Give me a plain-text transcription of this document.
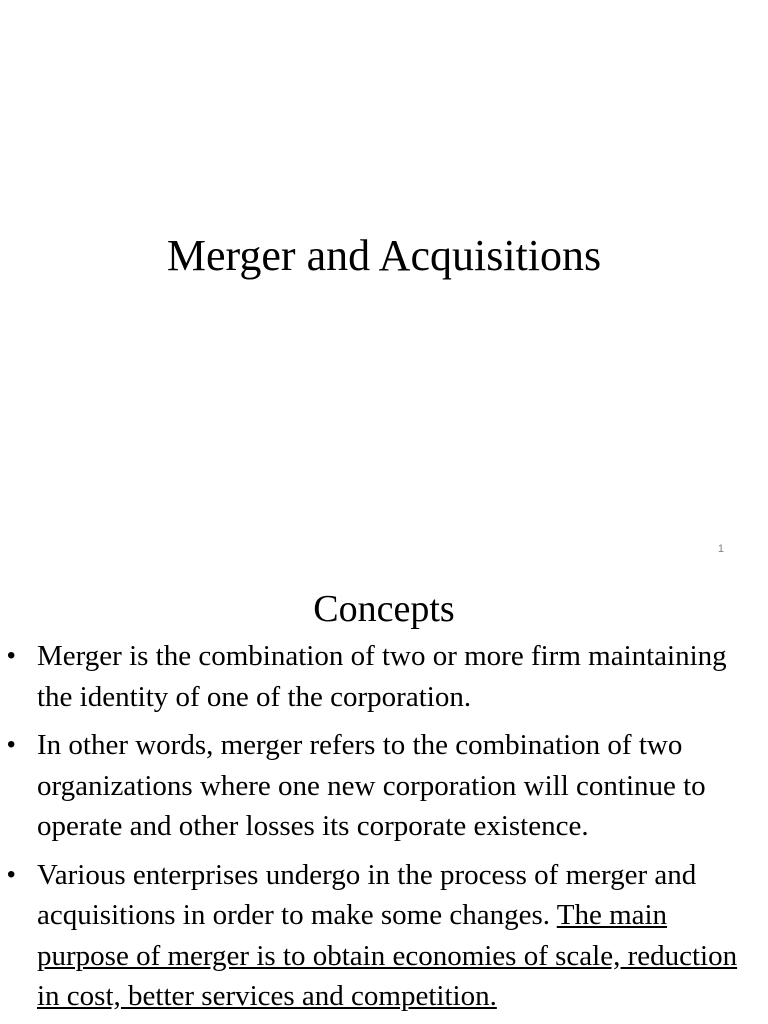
Merger and Acquisitions
1
Concepts
• Merger is the combination of two or more firm maintaining the identity of one of the corporation.
• In other words, merger refers to the combination of two organizations where one new corporation will continue to operate and other losses its corporate existence.
• Various enterprises undergo in the process of merger and acquisitions in order to make some changes. The main purpose of merger is to obtain economies of scale, reduction in cost, better services and competition.
